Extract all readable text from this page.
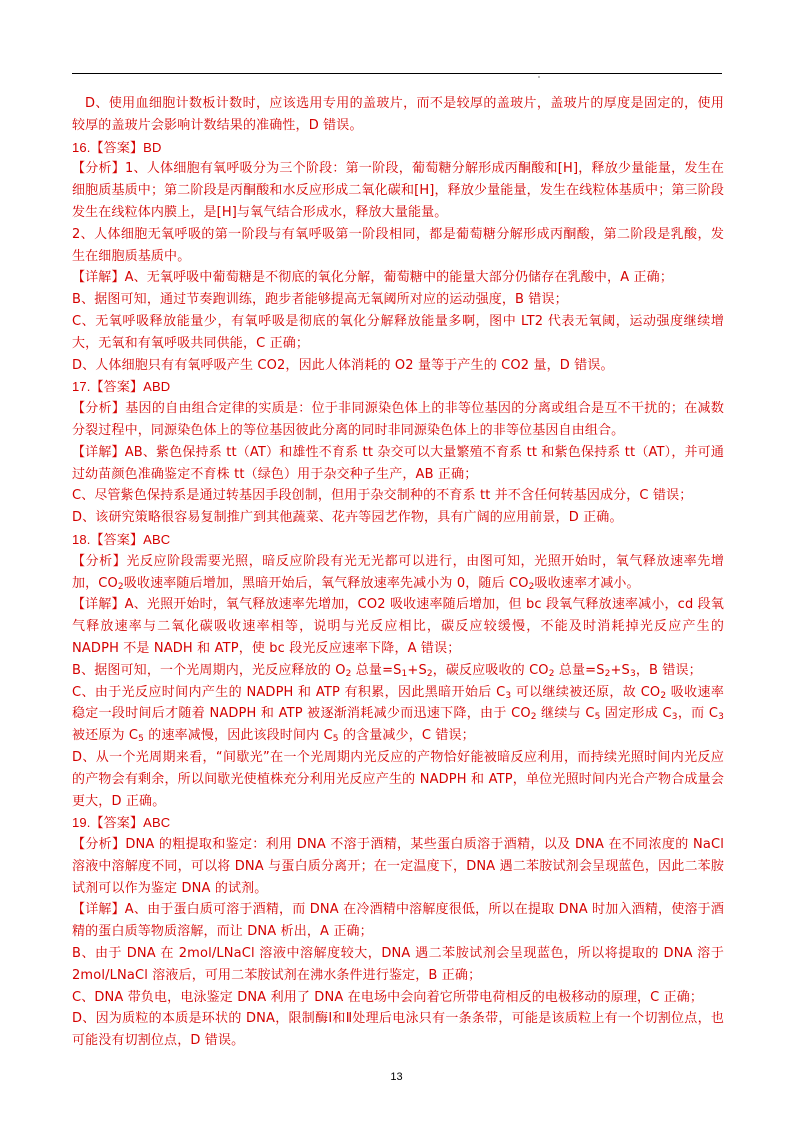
D、使用血细胞计数板计数时，应该选用专用的盖玻片，而不是较厚的盖玻片，盖玻片的厚度是固定的，使用较厚的盖玻片会影响计数结果的准确性，D 错误。

16.【答案】BD

【分析】1、人体细胞有氧呼吸分为三个阶段：第一阶段，葡萄糖分解形成丙酮酸和[H]，释放少量能量，发生在细胞质基质中；第二阶段是丙酮酸和水反应形成二氧化碳和[H]，释放少量能量，发生在线粒体基质中；第三阶段发生在线粒体内膜上，是[H]与氧气结合形成水，释放大量能量。

2、人体细胞无氧呼吸的第一阶段与有氧呼吸第一阶段相同，都是葡萄糖分解形成丙酮酸，第二阶段是乳酸，发生在细胞质基质中。

【详解】A、无氧呼吸中葡萄糖是不彻底的氧化分解，葡萄糖中的能量大部分仍储存在乳酸中，A 正确；

B、据图可知，通过节奏跑训练，跑步者能够提高无氧阈所对应的运动强度，B 错误；

C、无氧呼吸释放能量少，有氧呼吸是彻底的氧化分解释放能量多啊，图中 LT2 代表无氧阈，运动强度继续增大，无氧和有氧呼吸共同供能，C 正确；

D、人体细胞只有有氧呼吸产生 CO2，因此人体消耗的 O2 量等于产生的 CO2 量，D 错误。

17.【答案】ABD

【分析】基因的自由组合定律的实质是：位于非同源染色体上的非等位基因的分离或组合是互不干扰的；在减数分裂过程中，同源染色体上的等位基因彼此分离的同时非同源染色体上的非等位基因自由组合。

【详解】AB、紫色保持系 tt（AT）和雄性不育系 tt 杂交可以大量繁殖不育系 tt 和紫色保持系 tt（AT），并可通过幼苗颜色准确鉴定不育株 tt（绿色）用于杂交种子生产，AB 正确；

C、尽管紫色保持系是通过转基因手段创制，但用于杂交制种的不育系 tt 并不含任何转基因成分，C 错误；

D、该研究策略很容易复制推广到其他蔬菜、花卉等园艺作物，具有广阔的应用前景，D 正确。

18.【答案】ABC

【分析】光反应阶段需要光照，暗反应阶段有光无光都可以进行，由图可知，光照开始时，氧气释放速率先增加，$CO_2$吸收速率随后增加，黑暗开始后，氧气释放速率先减小为 0，随后 $CO_2$吸收速率才减小。

【详解】A、光照开始时，氧气释放速率先增加，CO2 吸收速率随后增加，但 bc 段氧气释放速率减小，cd 段氧气释放速率与二氧化碳吸收速率相等，说明与光反应相比，碳反应较缓慢，不能及时消耗掉光反应产生的 NADPH 不是 NADH 和 ATP，使 bc 段光反应速率下降，A 错误；

B、据图可知，一个光周期内，光反应释放的 $O_2$ 总量$=S_1+S_2$，碳反应吸收的 $CO_2$ 总量$=S_2+S_3$，B 错误；

C、由于光反应时间内产生的 NADPH 和 ATP 有积累，因此黑暗开始后 $C_3$ 可以继续被还原，故 $CO_2$ 吸收速率稳定一段时间后才随着 NADPH 和 ATP 被逐渐消耗减少而迅速下降，由于 $CO_2$ 继续与 $C_5$ 固定形成 $C_3$，而 $C_3$ 被还原为 $C_5$ 的速率减慢，因此该段时间内 $C_5$ 的含量减少，C 错误；

D、从一个光周期来看，“间歇光”在一个光周期内光反应的产物恰好能被暗反应利用，而持续光照时间内光反应的产物会有剩余，所以间歇光使植株充分利用光反应产生的 NADPH 和 ATP，单位光照时间内光合产物合成量会更大，D 正确。

19.【答案】ABC

【分析】DNA 的粗提取和鉴定：利用 DNA 不溶于酒精，某些蛋白质溶于酒精，以及 DNA 在不同浓度的 NaCl 溶液中溶解度不同，可以将 DNA 与蛋白质分离开；在一定温度下，DNA 遇二苯胺试剂会呈现蓝色，因此二苯胺试剂可以作为鉴定 DNA 的试剂。

【详解】A、由于蛋白质可溶于酒精，而 DNA 在冷酒精中溶解度很低，所以在提取 DNA 时加入酒精，使溶于酒精的蛋白质等物质溶解，而让 DNA 析出，A 正确；

B、由于 DNA 在 2mol/LNaCl 溶液中溶解度较大，DNA 遇二苯胺试剂会呈现蓝色，所以将提取的 DNA 溶于 2mol/LNaCl 溶液后，可用二苯胺试剂在沸水条件进行鉴定，B 正确；

C、DNA 带负电，电泳鉴定 DNA 利用了 DNA 在电场中会向着它所带电荷相反的电极移动的原理，C 正确；

D、因为质粒的本质是环状的 DNA，限制酶Ⅰ和Ⅱ处理后电泳只有一条条带，可能是该质粒上有一个切割位点，也可能没有切割位点，D 错误。

13
